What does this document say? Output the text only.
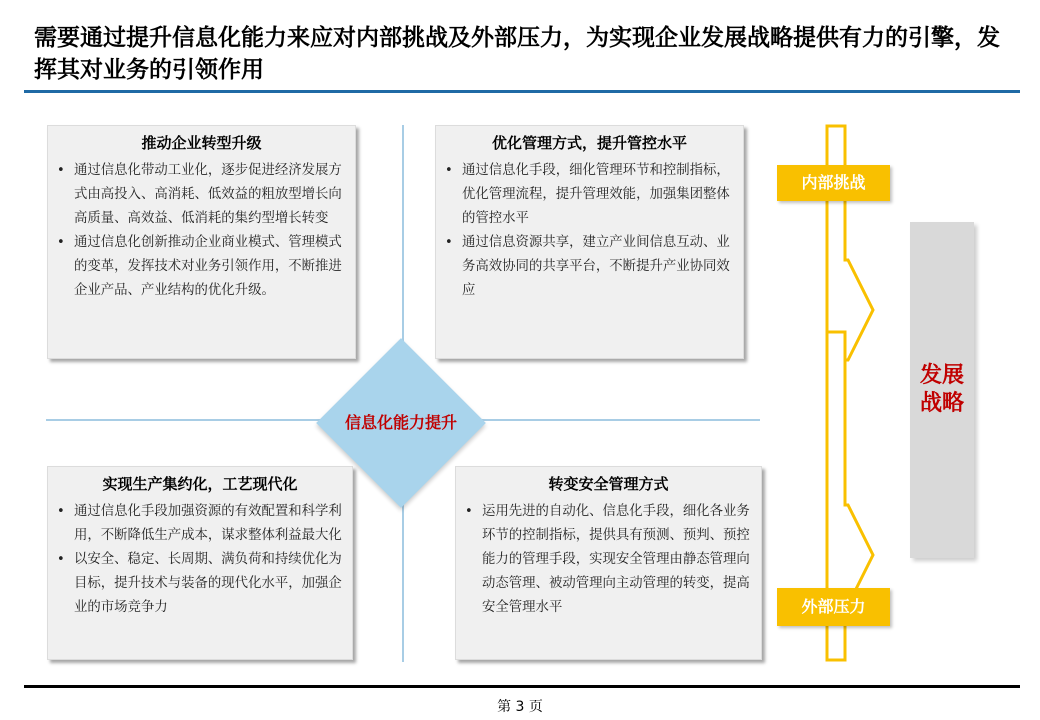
需要通过提升信息化能力来应对内部挑战及外部压力，为实现企业发展战略提供有力的引擎，发挥其对业务的引领作用
推动企业转型升级
• 通过信息化带动工业化，逐步促进经济发展方式由高投入、高消耗、低效益的粗放型增长向高质量、高效益、低消耗的集约型增长转变
• 通过信息化创新推动企业商业模式、管理模式的变革，发挥技术对业务引领作用，不断推进企业产品、产业结构的优化升级。
优化管理方式，提升管控水平
• 通过信息化手段，细化管理环节和控制指标，优化管理流程，提升管理效能，加强集团整体的管控水平
• 通过信息资源共享，建立产业间信息互动、业务高效协同的共享平台，不断提升产业协同效应
实现生产集约化，工艺现代化
• 通过信息化手段加强资源的有效配置和科学利用，不断降低生产成本，谋求整体利益最大化
• 以安全、稳定、长周期、满负荷和持续优化为目标，提升技术与装备的现代化水平，加强企业的市场竞争力
转变安全管理方式
• 运用先进的自动化、信息化手段，细化各业务环节的控制指标，提供具有预测、预判、预控能力的管理手段，实现安全管理由静态管理向动态管理、被动管理向主动管理的转变，提高安全管理水平
信息化能力提升
内部挑战
外部压力
发展
战略
第 3 页
